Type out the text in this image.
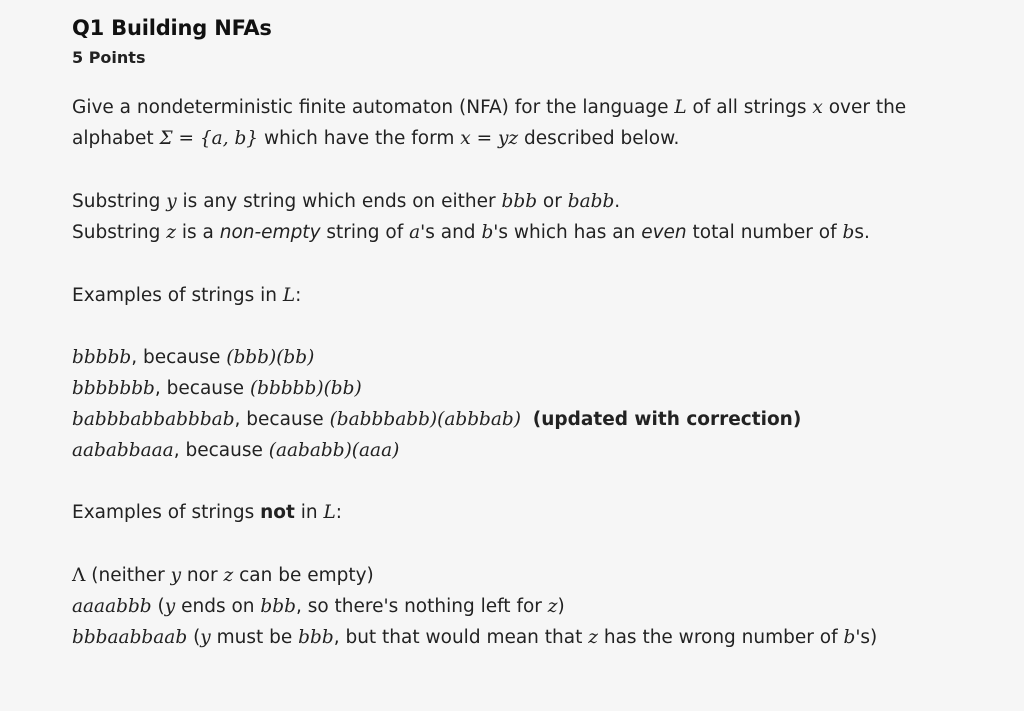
Q1 Building NFAs
5 Points
Give a nondeterministic finite automaton (NFA) for the language L of all strings x over the
alphabet Σ = {a, b} which have the form x = yz described below.
Substring y is any string which ends on either bbb or babb.
Substring z is a non-empty string of a's and b's which has an even total number of bs.
Examples of strings in L:
bbbbb, because (bbb)(bb)
bbbbbbb, because (bbbbb)(bb)
babbbabbabbbab, because (babbbabb)(abbbab) (updated with correction)
aababbaaa, because (aababb)(aaa)
Examples of strings not in L:
Λ (neither y nor z can be empty)
aaaabbb (y ends on bbb, so there's nothing left for z)
bbbaabbaab (y must be bbb, but that would mean that z has the wrong number of b's)
